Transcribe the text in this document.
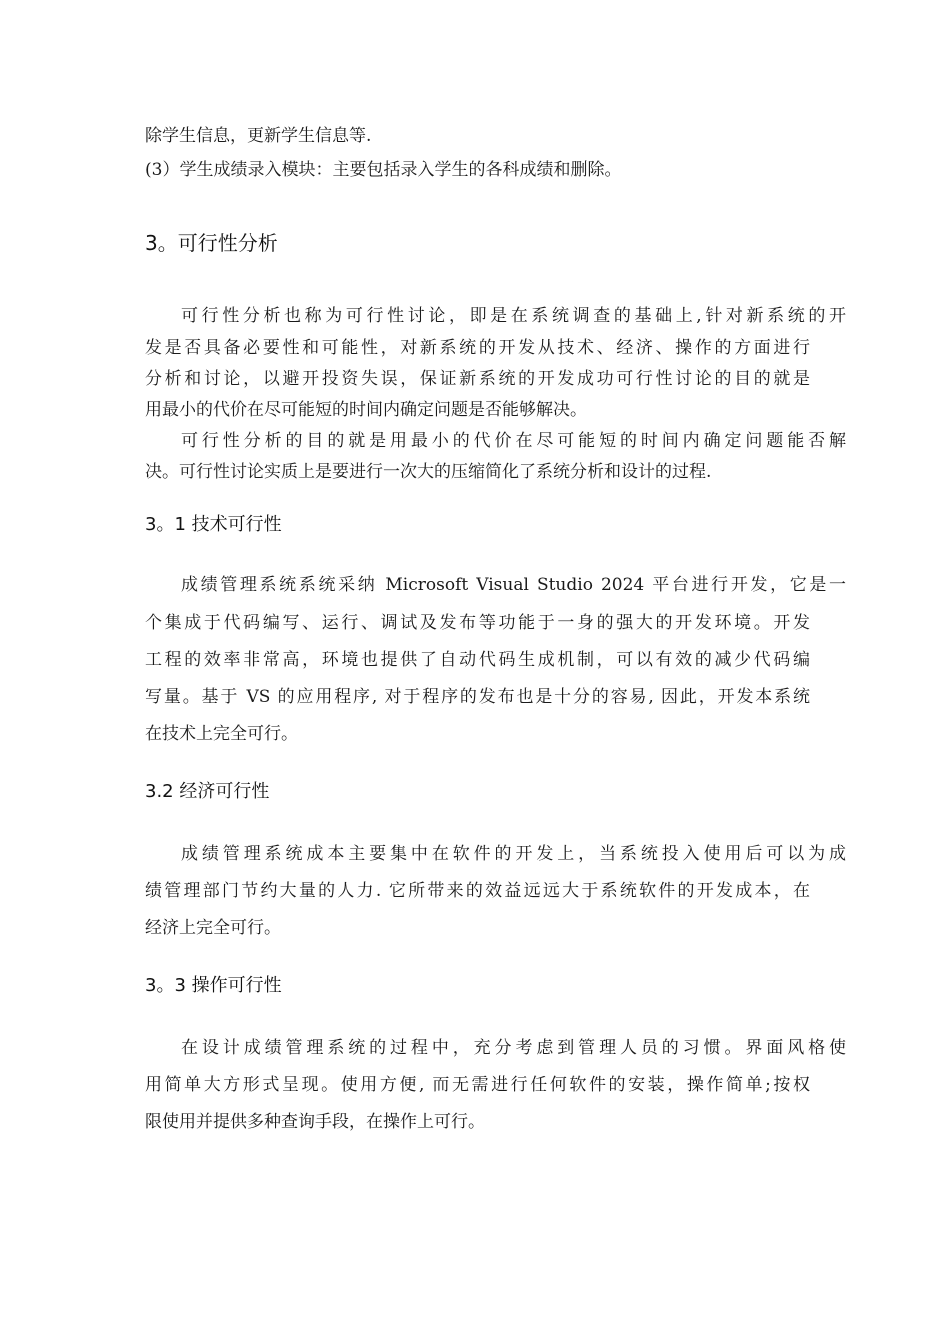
除学生信息，更新学生信息等.
(3）学生成绩录入模块：主要包括录入学生的各科成绩和删除。
3。可行性分析
可行性分析也称为可行性讨论，即是在系统调查的基础上,针对新系统的开
发是否具备必要性和可能性，对新系统的开发从技术、经济、操作的方面进行
分析和讨论，以避开投资失误，保证新系统的开发成功可行性讨论的目的就是
用最小的代价在尽可能短的时间内确定问题是否能够解决。
可行性分析的目的就是用最小的代价在尽可能短的时间内确定问题能否解
决。可行性讨论实质上是要进行一次大的压缩简化了系统分析和设计的过程.
3。1 技术可行性
成绩管理系统系统采纳 Microsoft Visual Studio 2024 平台进行开发，它是一
个集成于代码编写、运行、调试及发布等功能于一身的强大的开发环境。开发
工程的效率非常高，环境也提供了自动代码生成机制，可以有效的减少代码编
写量。基于 VS 的应用程序, 对于程序的发布也是十分的容易, 因此，开发本系统
在技术上完全可行。
3.2 经济可行性
成绩管理系统成本主要集中在软件的开发上，当系统投入使用后可以为成
绩管理部门节约大量的人力. 它所带来的效益远远大于系统软件的开发成本，在
经济上完全可行。
3。3 操作可行性
在设计成绩管理系统的过程中，充分考虑到管理人员的习惯。界面风格使
用简单大方形式呈现。使用方便, 而无需进行任何软件的安装，操作简单;按权
限使用并提供多种查询手段，在操作上可行。
